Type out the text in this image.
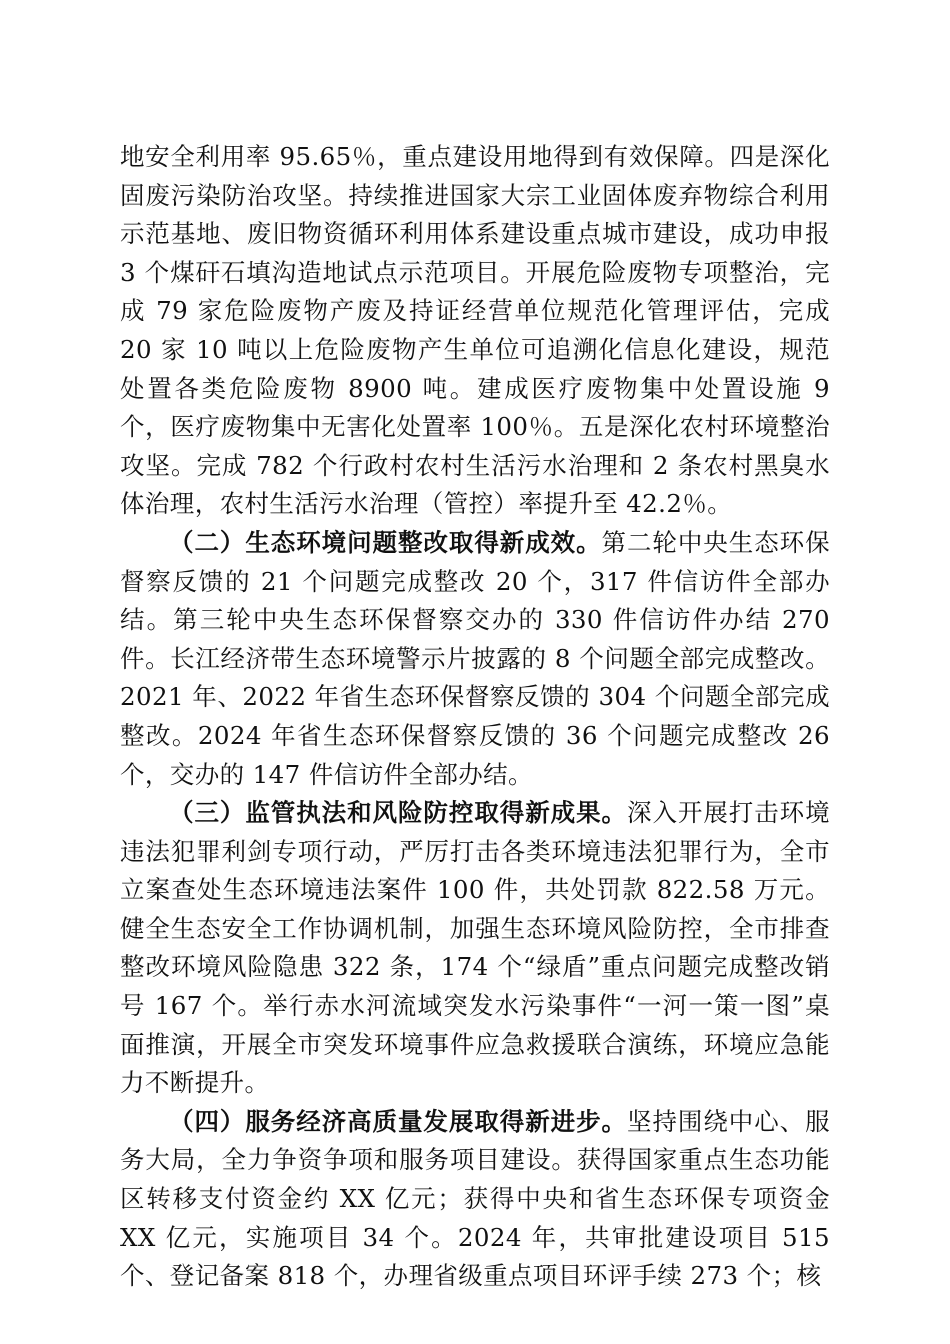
地安全利用率 95.65％，重点建设用地得到有效保障。四是深化固废污染防治攻坚。持续推进国家大宗工业固体废弃物综合利用示范基地、废旧物资循环利用体系建设重点城市建设，成功申报 3 个煤矸石填沟造地试点示范项目。开展危险废物专项整治，完成 79 家危险废物产废及持证经营单位规范化管理评估，完成 20 家 10 吨以上危险废物产生单位可追溯化信息化建设，规范处置各类危险废物 8900 吨。建成医疗废物集中处置设施 9 个，医疗废物集中无害化处置率 100％。五是深化农村环境整治攻坚。完成 782 个行政村农村生活污水治理和 2 条农村黑臭水体治理，农村生活污水治理（管控）率提升至 42.2％。

（二）生态环境问题整改取得新成效。第二轮中央生态环保督察反馈的 21 个问题完成整改 20 个，317 件信访件全部办结。第三轮中央生态环保督察交办的 330 件信访件办结 270 件。长江经济带生态环境警示片披露的 8 个问题全部完成整改。2021 年、2022 年省生态环保督察反馈的 304 个问题全部完成整改。2024 年省生态环保督察反馈的 36 个问题完成整改 26 个，交办的 147 件信访件全部办结。

（三）监管执法和风险防控取得新成果。深入开展打击环境违法犯罪利剑专项行动，严厉打击各类环境违法犯罪行为，全市立案查处生态环境违法案件 100 件，共处罚款 822.58 万元。健全生态安全工作协调机制，加强生态环境风险防控，全市排查整改环境风险隐患 322 条，174 个“绿盾”重点问题完成整改销号 167 个。举行赤水河流域突发水污染事件“一河一策一图”桌面推演，开展全市突发环境事件应急救援联合演练，环境应急能力不断提升。

（四）服务经济高质量发展取得新进步。坚持围绕中心、服务大局，全力争资争项和服务项目建设。获得国家重点生态功能区转移支付资金约 XX 亿元；获得中央和省生态环保专项资金 XX 亿元，实施项目 34 个。2024 年，共审批建设项目 515 个、登记备案 818 个，办理省级重点项目环评手续 273 个；核
